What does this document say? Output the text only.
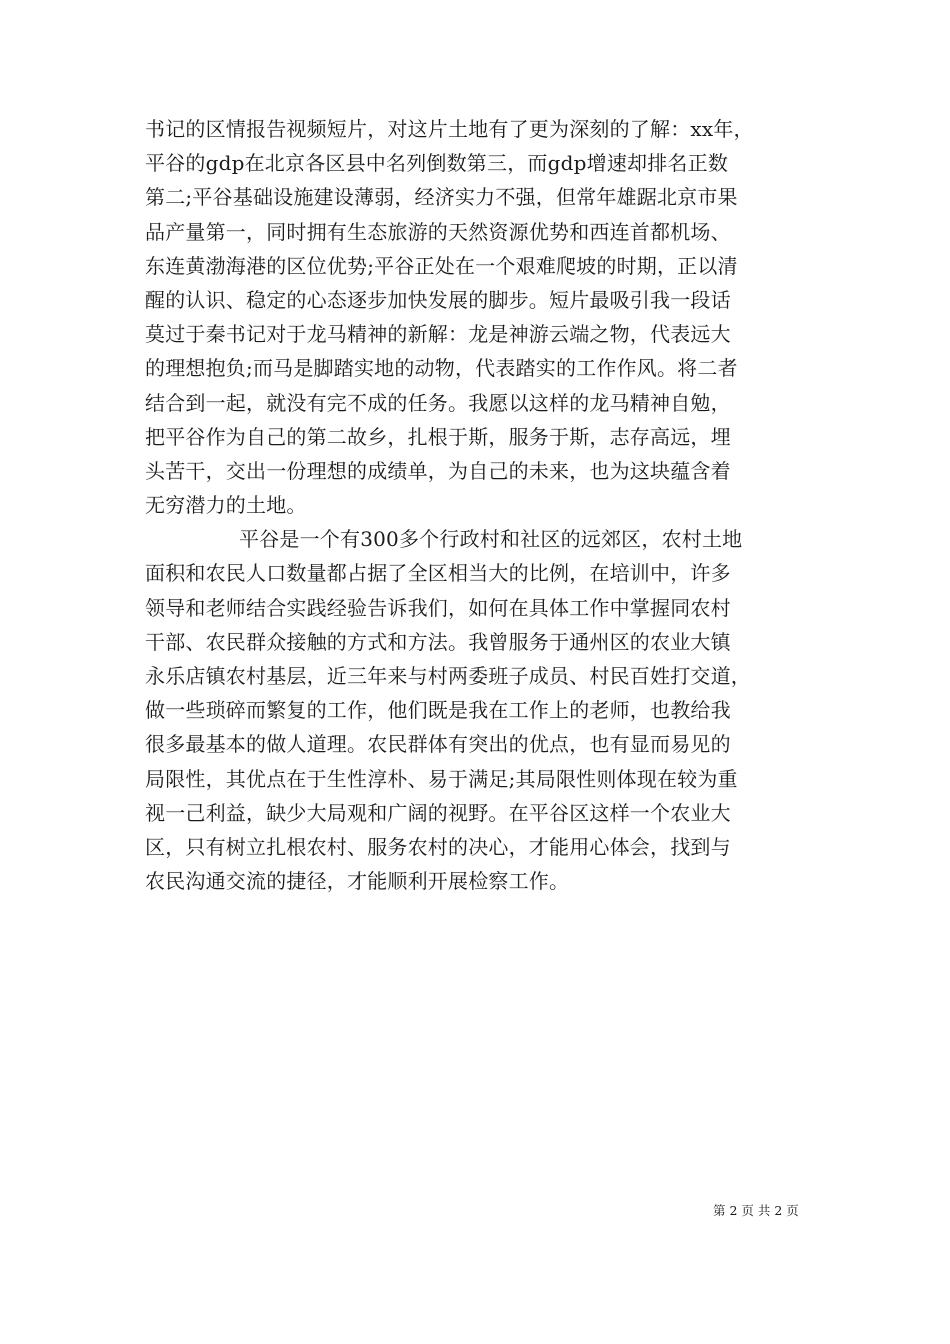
书记的区情报告视频短片，对这片土地有了更为深刻的了解：xx年，
平谷的gdp在北京各区县中名列倒数第三，而gdp增速却排名正数
第二;平谷基础设施建设薄弱，经济实力不强，但常年雄踞北京市果
品产量第一，同时拥有生态旅游的天然资源优势和西连首都机场、
东连黄渤海港的区位优势;平谷正处在一个艰难爬坡的时期，正以清
醒的认识、稳定的心态逐步加快发展的脚步。短片最吸引我一段话
莫过于秦书记对于龙马精神的新解：龙是神游云端之物，代表远大
的理想抱负;而马是脚踏实地的动物，代表踏实的工作作风。将二者
结合到一起，就没有完不成的任务。我愿以这样的龙马精神自勉，
把平谷作为自己的第二故乡，扎根于斯，服务于斯，志存高远，埋
头苦干，交出一份理想的成绩单，为自己的未来，也为这块蕴含着
无穷潜力的土地。
平谷是一个有300多个行政村和社区的远郊区，农村土地
面积和农民人口数量都占据了全区相当大的比例，在培训中，许多
领导和老师结合实践经验告诉我们，如何在具体工作中掌握同农村
干部、农民群众接触的方式和方法。我曾服务于通州区的农业大镇
永乐店镇农村基层，近三年来与村两委班子成员、村民百姓打交道，
做一些琐碎而繁复的工作，他们既是我在工作上的老师，也教给我
很多最基本的做人道理。农民群体有突出的优点，也有显而易见的
局限性，其优点在于生性淳朴、易于满足;其局限性则体现在较为重
视一己利益，缺少大局观和广阔的视野。在平谷区这样一个农业大
区，只有树立扎根农村、服务农村的决心，才能用心体会，找到与
农民沟通交流的捷径，才能顺利开展检察工作。
第 2 页 共 2 页
